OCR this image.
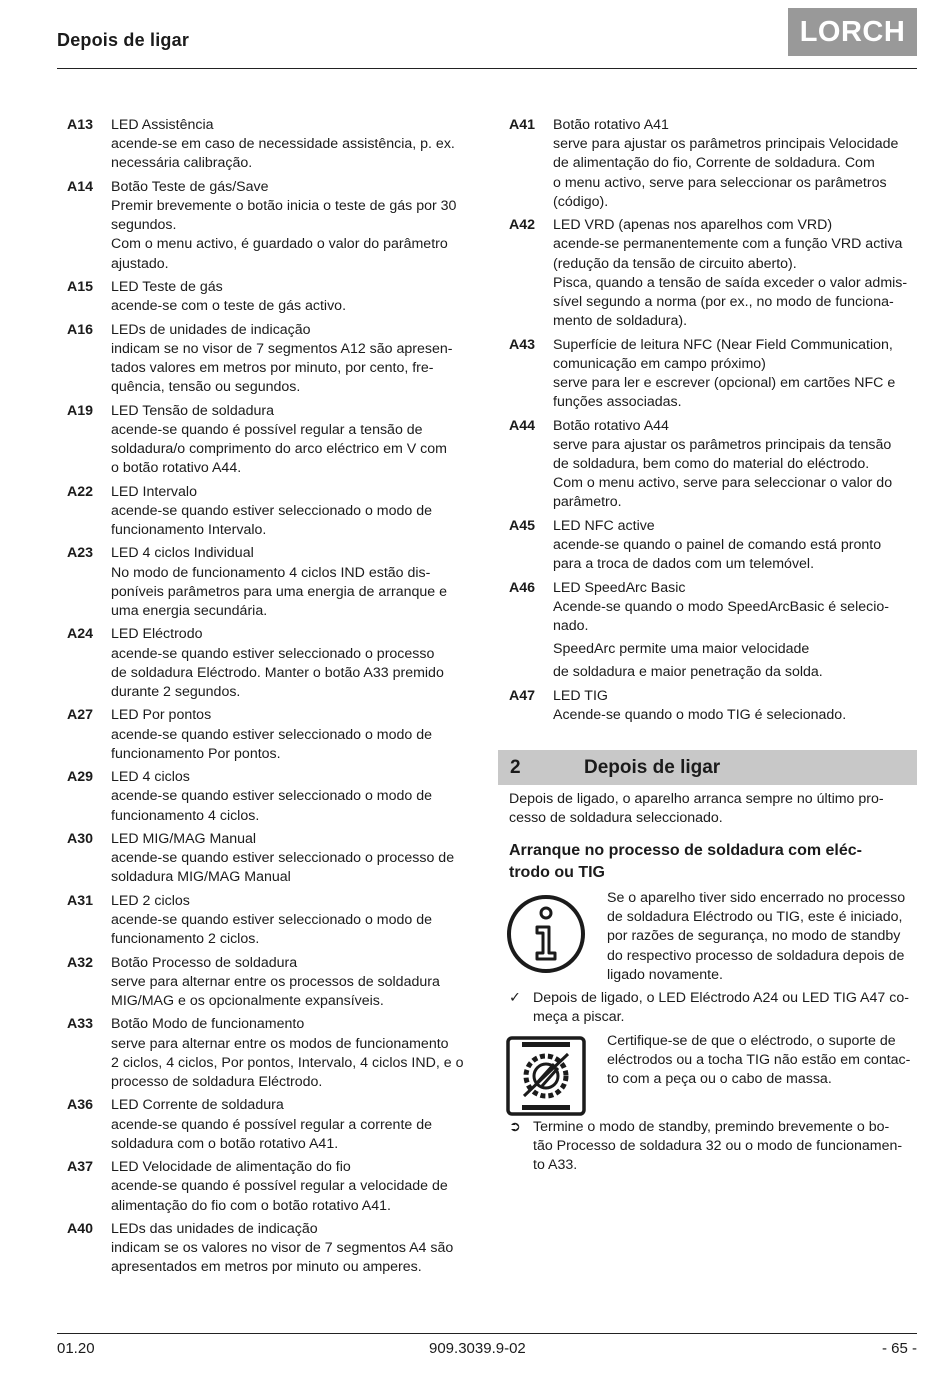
Depois de ligar	LORCH
A13	LED Assistência
acende-se em caso de necessidade assistência, p. ex.
necessária calibração.
A14	Botão Teste de gás/Save
Premir brevemente o botão inicia o teste de gás por 30
segundos.
Com o menu activo, é guardado o valor do parâmetro
ajustado.
A15	LED Teste de gás
acende-se com o teste de gás activo.
A16	LEDs de unidades de indicação
indicam se no visor de 7 segmentos A12 são apresen-
tados valores em metros por minuto, por cento, fre-
quência, tensão ou segundos.
A19	LED Tensão de soldadura
acende-se quando é possível regular a tensão de
soldadura/o comprimento do arco eléctrico em V com
o botão rotativo A44.
A22	LED Intervalo
acende-se quando estiver seleccionado o modo de
funcionamento Intervalo.
A23	LED 4 ciclos Individual
No modo de funcionamento 4 ciclos IND estão dis-
poníveis parâmetros para uma energia de arranque e
uma energia secundária.
A24	LED Eléctrodo
acende-se quando estiver seleccionado o processo
de soldadura Eléctrodo. Manter o botão A33 premido
durante 2 segundos.
A27	LED Por pontos
acende-se quando estiver seleccionado o modo de
funcionamento Por pontos.
A29	LED 4 ciclos
acende-se quando estiver seleccionado o modo de
funcionamento 4 ciclos.
A30	LED MIG/MAG Manual
acende-se quando estiver seleccionado o processo de
soldadura MIG/MAG Manual
A31	LED 2 ciclos
acende-se quando estiver seleccionado o modo de
funcionamento 2 ciclos.
A32	Botão Processo de soldadura
serve para alternar entre os processos de soldadura
MIG/MAG e os opcionalmente expansíveis.
A33	Botão Modo de funcionamento
serve para alternar entre os modos de funcionamento
2 ciclos, 4 ciclos, Por pontos, Intervalo, 4 ciclos IND, e o
processo de soldadura Eléctrodo.
A36	LED Corrente de soldadura
acende-se quando é possível regular a corrente de
soldadura com o botão rotativo A41.
A37	LED Velocidade de alimentação do fio
acende-se quando é possível regular a velocidade de
alimentação do fio com o botão rotativo A41.
A40	LEDs das unidades de indicação
indicam se os valores no visor de 7 segmentos A4 são
apresentados em metros por minuto ou amperes.
A41	Botão rotativo A41
serve para ajustar os parâmetros principais Velocidade
de alimentação do fio, Corrente de soldadura. Com
o menu activo, serve para seleccionar os parâmetros
(código).
A42	LED VRD (apenas nos aparelhos com VRD)
acende-se permanentemente com a função VRD activa
(redução da tensão de circuito aberto).
Pisca, quando a tensão de saída exceder o valor admis-
sível segundo a norma (por ex., no modo de funciona-
mento de soldadura).
A43	Superfície de leitura NFC (Near Field Communication,
comunicação em campo próximo)
serve para ler e escrever (opcional) em cartões NFC e
funções associadas.
A44	Botão rotativo A44
serve para ajustar os parâmetros principais da tensão
de soldadura, bem como do material do eléctrodo.
Com o menu activo, serve para seleccionar o valor do
parâmetro.
A45	LED NFC active
acende-se quando o painel de comando está pronto
para a troca de dados com um telemóvel.
A46	LED SpeedArc Basic
Acende-se quando o modo SpeedArcBasic é selecio-
nado.
SpeedArc permite uma maior velocidade
de soldadura e maior penetração da solda.
A47	LED TIG
Acende-se quando o modo TIG é selecionado.
2	Depois de ligar
Depois de ligado, o aparelho arranca sempre no último pro-
cesso de soldadura seleccionado.
Arranque no processo de soldadura com eléc-
trodo ou TIG
Se o aparelho tiver sido encerrado no processo
de soldadura Eléctrodo ou TIG, este é iniciado,
por razões de segurança, no modo de standby
do respectivo processo de soldadura depois de
ligado novamente.
✓ Depois de ligado, o LED Eléctrodo A24 ou LED TIG A47 co-
meça a piscar.
Certifique-se de que o eléctrodo, o suporte de
eléctrodos ou a tocha TIG não estão em contac-
to com a peça ou o cabo de massa.
➲ Termine o modo de standby, premindo brevemente o bo-
tão Processo de soldadura 32 ou o modo de funcionamen-
to A33.
01.20	909.3039.9-02	- 65 -
